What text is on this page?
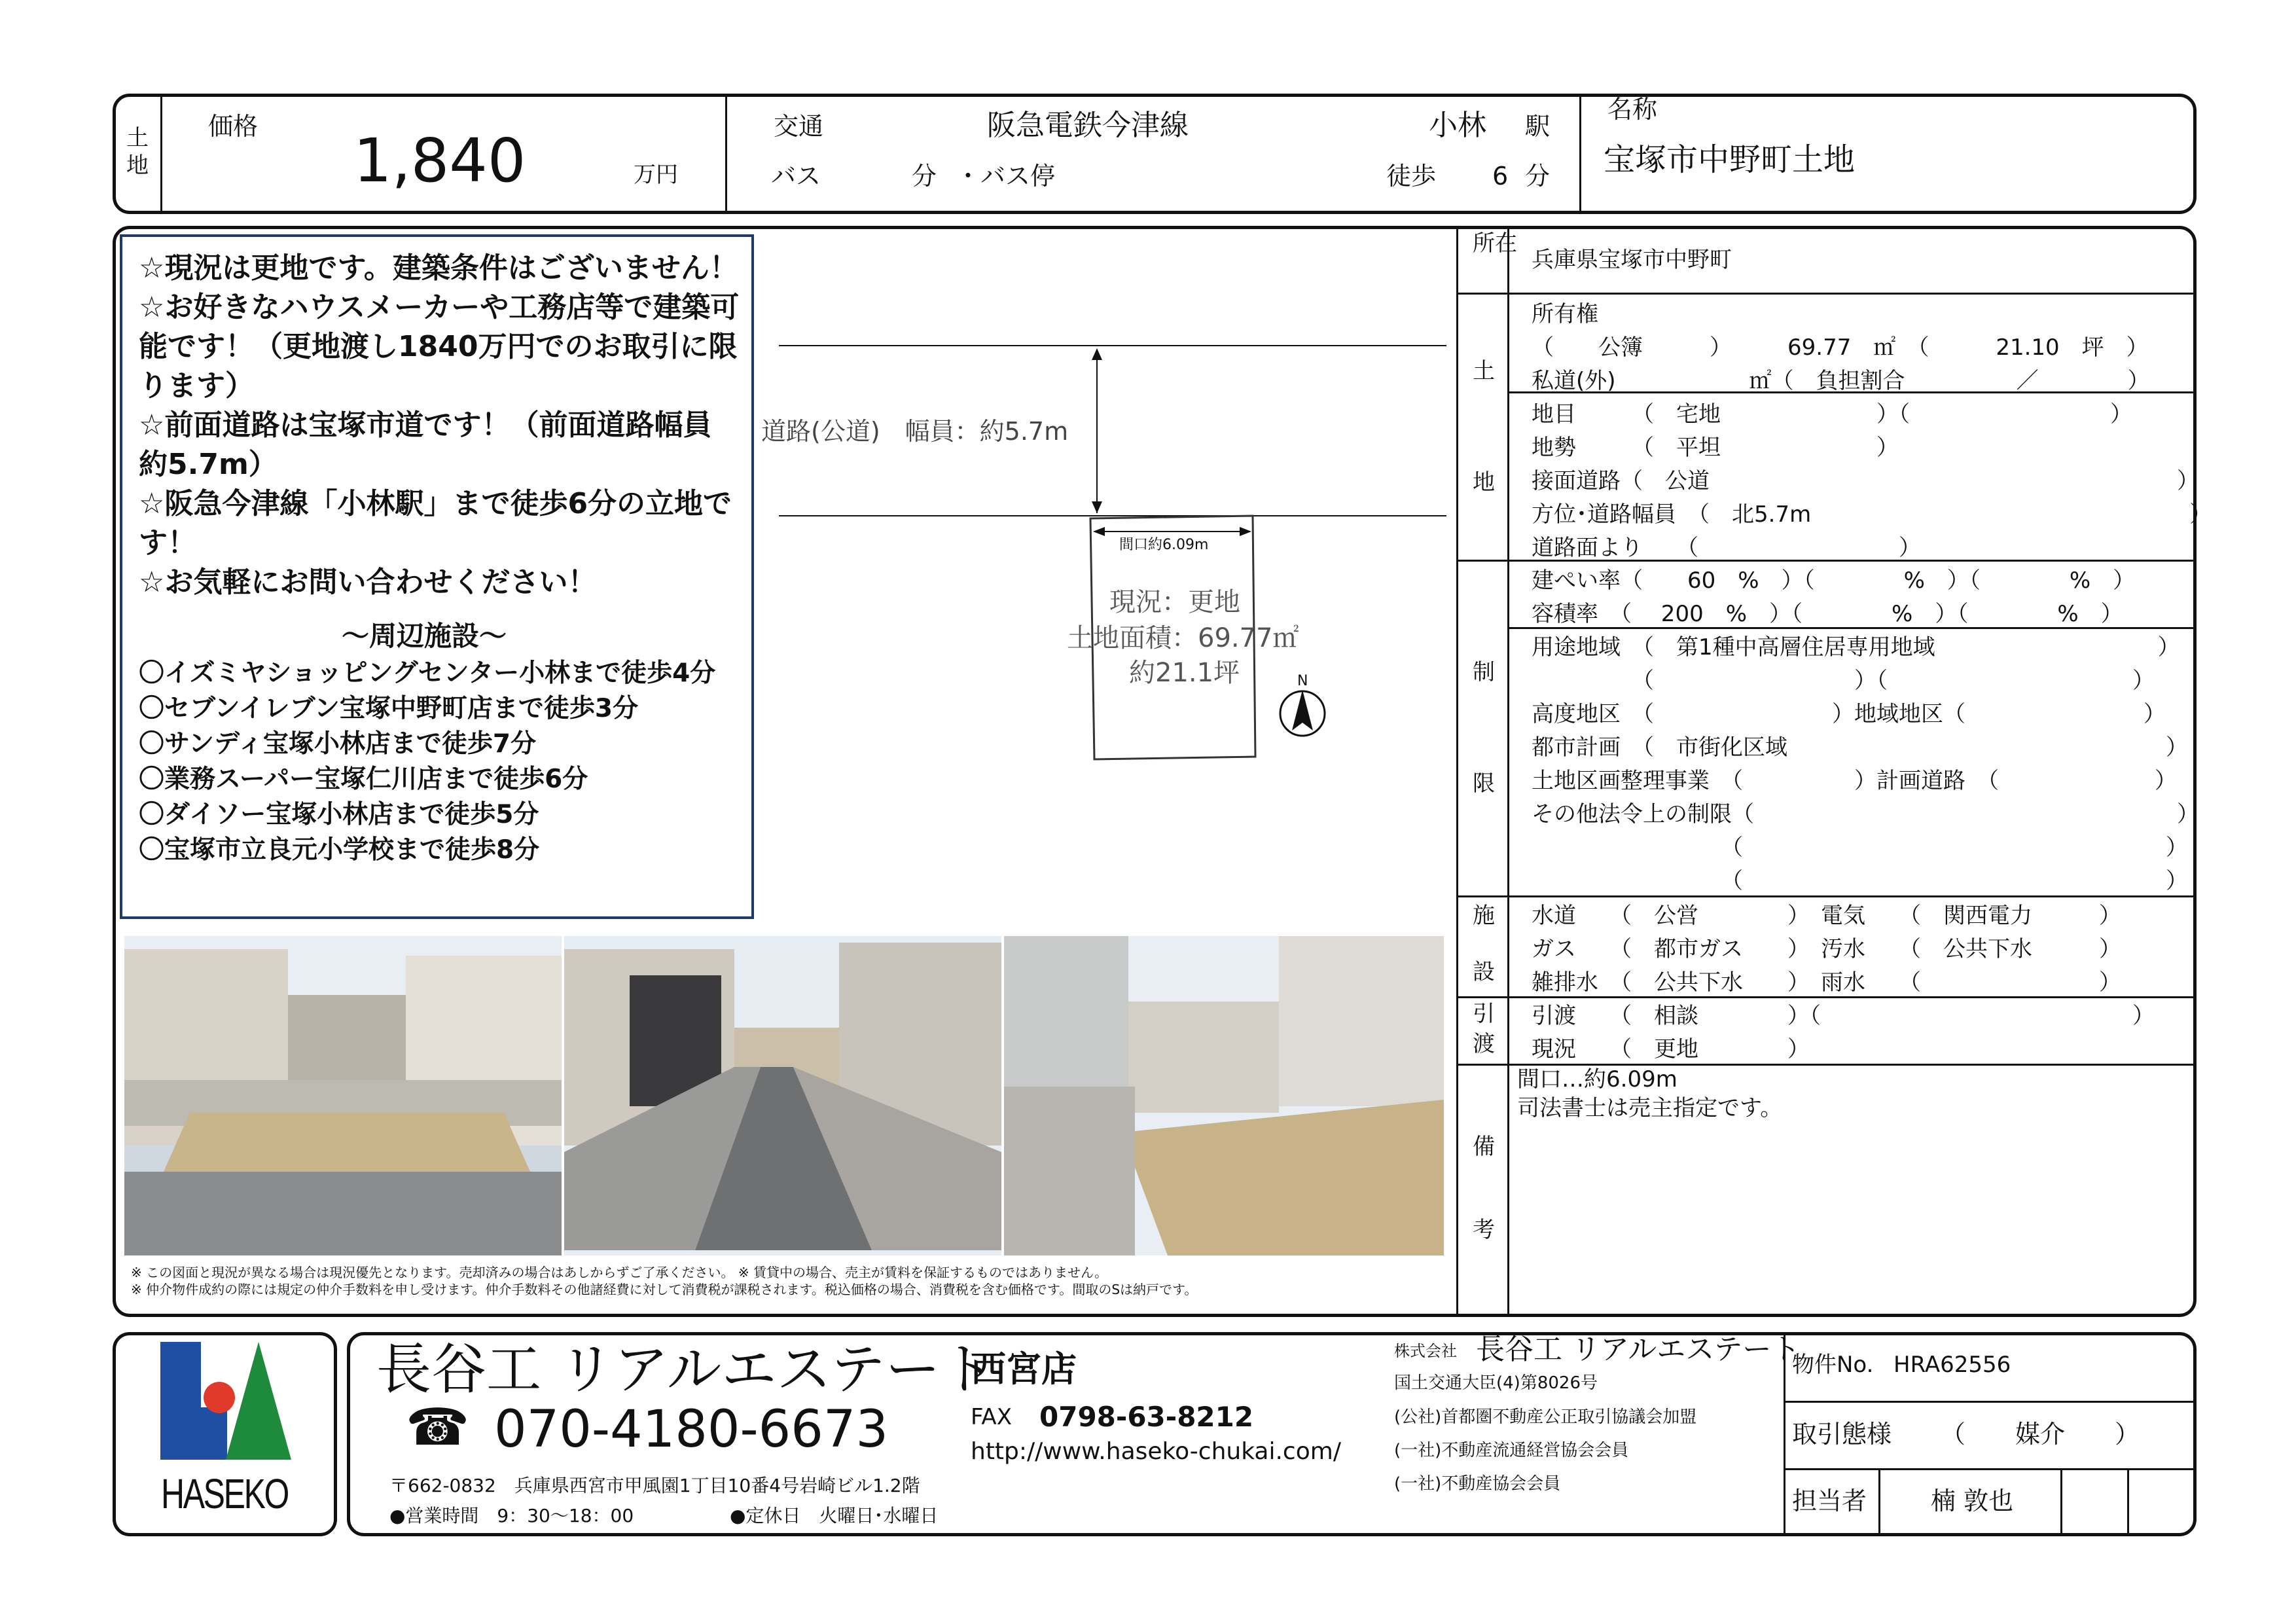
土地
価格 1,840	万円
交通	阪急電鉄今津線	小林 駅
バス	分 ・バス停	徒歩 6 分
名称
宝塚市中野町土地
☆現況は更地です。建築条件はございません！
☆お好きなハウスメーカーや工務店等で建築可
能です！（更地渡し1840万円でのお取引に限
ります）
☆前面道路は宝塚市道です！（前面道路幅員
約5.7m）
☆阪急今津線「小林駅」まで徒歩6分の立地で
す！
☆お気軽にお問い合わせください！
～周辺施設～
〇イズミヤショッピングセンター小林まで徒歩4分
〇セブンイレブン宝塚中野町店まで徒歩3分
〇サンディ宝塚小林店まで徒歩7分
〇業務スーパー宝塚仁川店まで徒歩6分
〇ダイソー宝塚小林店まで徒歩5分
〇宝塚市立良元小学校まで徒歩8分
道路(公道)　幅員：約5.7m
間口約6.09m
現況：更地
土地面積：69.77㎡
約21.1坪	N
※ この図面と現況が異なる場合は現況優先となります。売却済みの場合はあしからずご了承ください。 ※ 賃貸中の場合、売主が賃料を保証するものではありません。
※ 仲介物件成約の際には規定の仲介手数料を申し受けます。仲介手数料その他諸経費に対して消費税が課税されます。税込価格の場合、消費税を含む価格です。間取のSは納戸です。
所在
兵庫県宝塚市中野町
土
地
所有権
（　　公簿　　　）　　　69.77　㎡　（　　　21.10　坪　）
私道(外)　　　　　　㎡（　負担割合　　　　　／　　　　）
地目　　　（　宅地　　　　　　　）（　　　　　　　　　）
地勢　　　（　平坦　　　　　　　）
接面道路（　公道　　　　　　　　　　　　　　　　　　　　　）
方位･道路幅員　（　北5.7m　　　　　　　　　　　　　　　　　）
道路面より　　（　　　　　　　　　）
制
限
建ぺい率（　　60　%　）（　　　　%　）（　　　　%　）
容積率　（　 200　%　）（　　　　%　）（　　　　%　）
用途地域　（　第1種中高層住居専用地域　　　　　　　　　　）
　　　　　（　　　　　　　　　）（　　　　　　　　　　　）
高度地区　（　　　　　　　　）地域地区（　　　　　　　　）
都市計画　（　市街化区域　　　　　　　　　　　　　　　　　）
土地区画整理事業　（　　　　　）計画道路　（　　　　　　　）
その他法令上の制限（　　　　　　　　　　　　　　　　　　　）
　　　　　　　　　（　　　　　　　　　　　　　　　　　　　）
　　　　　　　　　（　　　　　　　　　　　　　　　　　　　）
施
設
水道　　（　公営　　　　）　電気　　（　関西電力　　　）
ガス　　（　都市ガス　　）　汚水　　（　公共下水　　　）
雑排水　（　公共下水　　）　雨水　　（　　　　　　　　）
引
渡
引渡　　（　相談　　　　）（　　　　　　　　　　　　　　）
現況　　（　更地　　　　）
備
考
間口…約6.09m
司法書士は売主指定です。
HASEKO
長谷工 リアルエステート
西宮店
☎ 070-4180-6673	FAX 0798-63-8212
http://www.haseko-chukai.com/
〒662-0832　兵庫県西宮市甲風園1丁目10番4号岩崎ビル1.2階
●営業時間　9：30～18：00	●定休日　火曜日･水曜日
株式会社 長谷工 リアルエステート
国土交通大臣(4)第8026号
(公社)首都圏不動産公正取引協議会加盟
(一社)不動産流通経営協会会員
(一社)不動産協会会員
物件No. HRA62556
取引態様 （　　媒介　　）
担当者	楠 敦也
